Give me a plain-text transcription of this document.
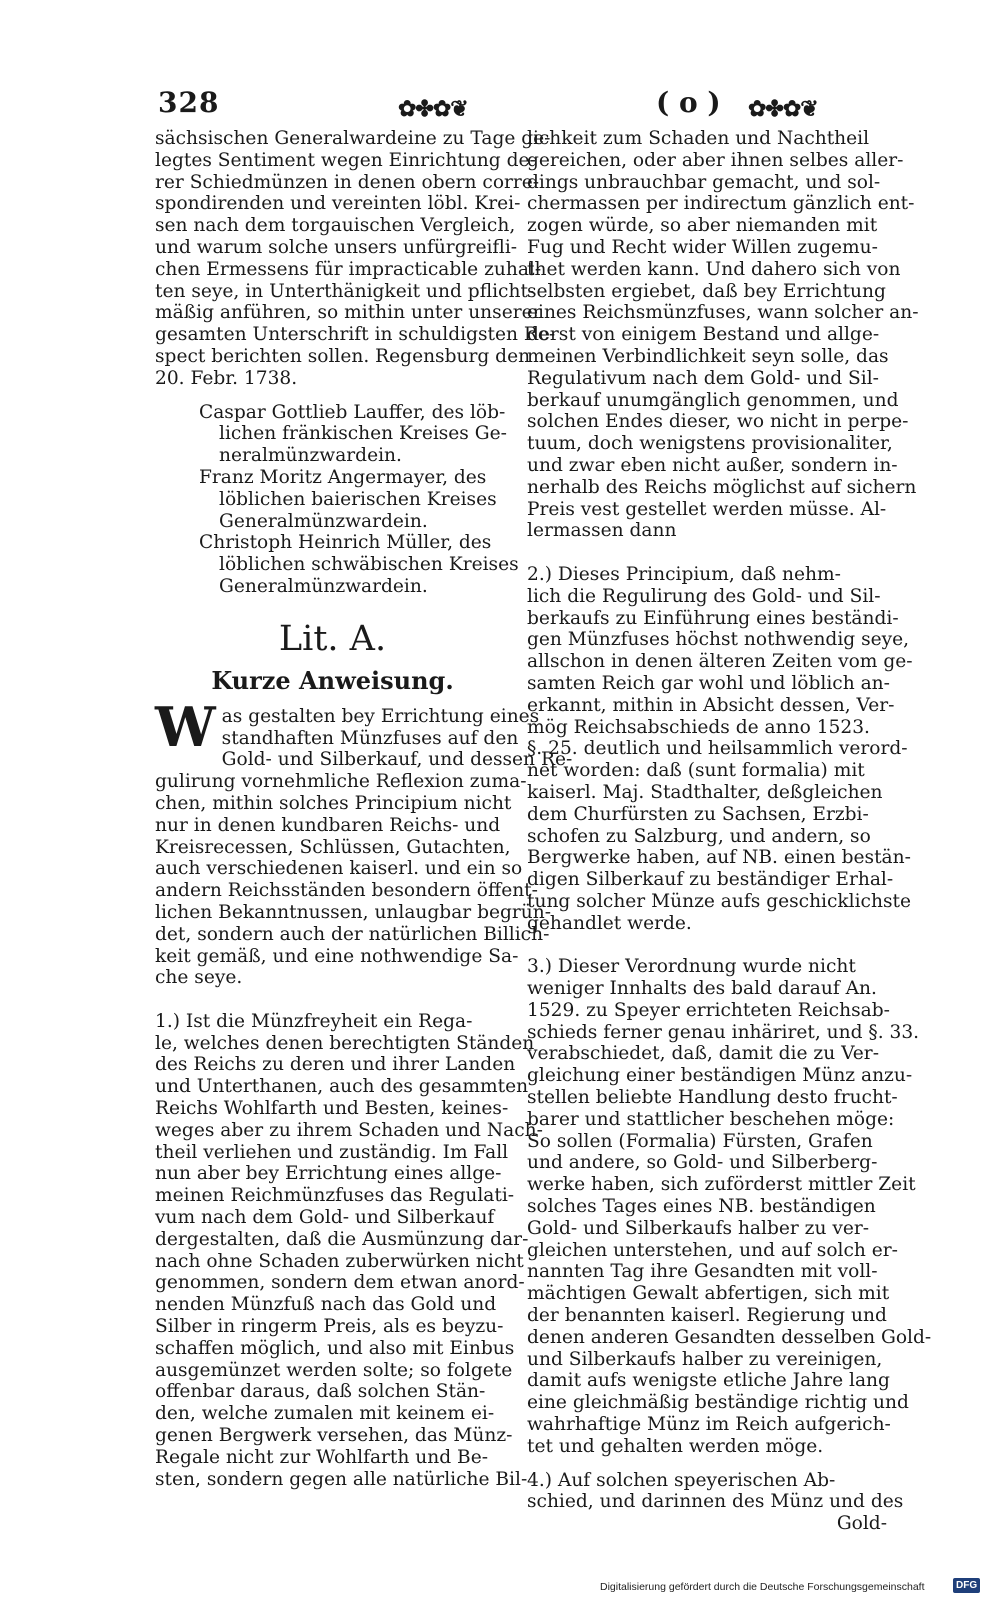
328	✿✤✿❦	( o ) ✿✤✿❦
sächsischen Generalwardeine zu Tage ge-
legtes Sentiment wegen Einrichtung de-
rer Schiedmünzen in denen obern corre-
spondirenden und vereinten löbl. Krei-
sen nach dem torgauischen Vergleich,
und warum solche unsers unfürgreifli-
chen Ermessens für impracticable zuhal-
ten seye, in Unterthänigkeit und pflicht-
mäßig anführen, so mithin unter unserer
gesamten Unterschrift in schuldigsten Re-
spect berichten sollen. Regensburg den
20. Febr. 1738.
Caspar Gottlieb Lauffer, des löb-
lichen fränkischen Kreises Ge-
neralmünzwardein.
Franz Moritz Angermayer, des
löblichen baierischen Kreises
Generalmünzwardein.
Christoph Heinrich Müller, des
löblichen schwäbischen Kreises
Generalmünzwardein.
Lit. A.
Kurze Anweisung.
W as gestalten bey Errichtung eines
standhaften Münzfuses auf den
Gold- und Silberkauf, und dessen Re-
gulirung vornehmliche Reflexion zuma-
chen, mithin solches Principium nicht
nur in denen kundbaren Reichs- und
Kreisrecessen, Schlüssen, Gutachten,
auch verschiedenen kaiserl. und ein so
andern Reichsständen besondern öffent-
lichen Bekanntnussen, unlaugbar begrün-
det, sondern auch der natürlichen Billich-
keit gemäß, und eine nothwendige Sa-
che seye.
1.) Ist die Münzfreyheit ein Rega-
le, welches denen berechtigten Ständen
des Reichs zu deren und ihrer Landen
und Unterthanen, auch des gesammten
Reichs Wohlfarth und Besten, keines-
weges aber zu ihrem Schaden und Nach-
theil verliehen und zuständig. Im Fall
nun aber bey Errichtung eines allge-
meinen Reichmünzfuses das Regulati-
vum nach dem Gold- und Silberkauf
dergestalten, daß die Ausmünzung dar-
nach ohne Schaden zuberwürken nicht
genommen, sondern dem etwan anord-
nenden Münzfuß nach das Gold und
Silber in ringerm Preis, als es beyzu-
schaffen möglich, und also mit Einbus
ausgemünzet werden solte; so folgete
offenbar daraus, daß solchen Stän-
den, welche zumalen mit keinem ei-
genen Bergwerk versehen, das Münz-
Regale nicht zur Wohlfarth und Be-
sten, sondern gegen alle natürliche Bil-
lichkeit zum Schaden und Nachtheil
gereichen, oder aber ihnen selbes aller-
dings unbrauchbar gemacht, und sol-
chermassen per indirectum gänzlich ent-
zogen würde, so aber niemanden mit
Fug und Recht wider Willen zugemu-
thet werden kann. Und dahero sich von
selbsten ergiebet, daß bey Errichtung
eines Reichsmünzfuses, wann solcher an-
derst von einigem Bestand und allge-
meinen Verbindlichkeit seyn solle, das
Regulativum nach dem Gold- und Sil-
berkauf unumgänglich genommen, und
solchen Endes dieser, wo nicht in perpe-
tuum, doch wenigstens provisionaliter,
und zwar eben nicht außer, sondern in-
nerhalb des Reichs möglichst auf sichern
Preis vest gestellet werden müsse. Al-
lermassen dann
2.) Dieses Principium, daß nehm-
lich die Regulirung des Gold- und Sil-
berkaufs zu Einführung eines beständi-
gen Münzfuses höchst nothwendig seye,
allschon in denen älteren Zeiten vom ge-
samten Reich gar wohl und löblich an-
erkannt, mithin in Absicht dessen, Ver-
mög Reichsabschieds de anno 1523.
§. 25. deutlich und heilsammlich verord-
net worden: daß (sunt formalia) mit
kaiserl. Maj. Stadthalter, deßgleichen
dem Churfürsten zu Sachsen, Erzbi-
schofen zu Salzburg, und andern, so
Bergwerke haben, auf NB. einen bestän-
digen Silberkauf zu beständiger Erhal-
tung solcher Münze aufs geschicklichste
gehandlet werde.
3.) Dieser Verordnung wurde nicht
weniger Innhalts des bald darauf An.
1529. zu Speyer errichteten Reichsab-
schieds ferner genau inhäriret, und §. 33.
verabschiedet, daß, damit die zu Ver-
gleichung einer beständigen Münz anzu-
stellen beliebte Handlung desto frucht-
barer und stattlicher beschehen möge:
So sollen (Formalia) Fürsten, Grafen
und andere, so Gold- und Silberberg-
werke haben, sich zuförderst mittler Zeit
solches Tages eines NB. beständigen
Gold- und Silberkaufs halber zu ver-
gleichen unterstehen, und auf solch er-
nannten Tag ihre Gesandten mit voll-
mächtigen Gewalt abfertigen, sich mit
der benannten kaiserl. Regierung und
denen anderen Gesandten desselben Gold-
und Silberkaufs halber zu vereinigen,
damit aufs wenigste etliche Jahre lang
eine gleichmäßig beständige richtig und
wahrhaftige Münz im Reich aufgerich-
tet und gehalten werden möge.
4.) Auf solchen speyerischen Ab-
schied, und darinnen des Münz und des
Gold-
Digitalisierung gefördert durch die Deutsche Forschungsgemeinschaft	DFG
